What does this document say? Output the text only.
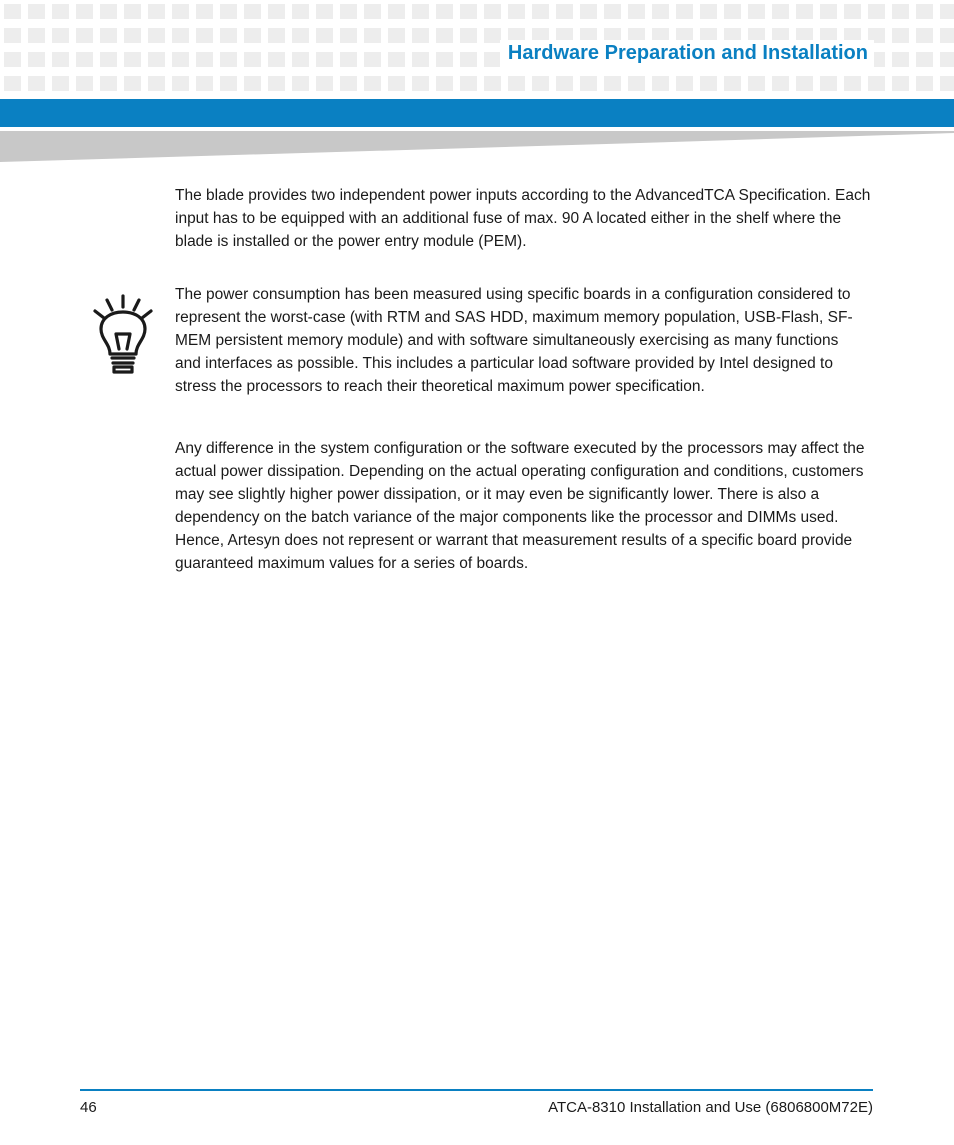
Hardware Preparation and Installation

The blade provides two independent power inputs according to the AdvancedTCA Specification. Each input has to be equipped with an additional fuse of max. 90 A located either in the shelf where the blade is installed or the power entry module (PEM).

The power consumption has been measured using specific boards in a configuration considered to represent the worst-case (with RTM and SAS HDD, maximum memory population, USB-Flash, SF-MEM persistent memory module) and with software simultaneously exercising as many functions and interfaces as possible. This includes a particular load software provided by Intel designed to stress the processors to reach their theoretical maximum power specification.

Any difference in the system configuration or the software executed by the processors may affect the actual power dissipation. Depending on the actual operating configuration and conditions, customers may see slightly higher power dissipation, or it may even be significantly lower. There is also a dependency on the batch variance of the major components like the processor and DIMMs used. Hence, Artesyn does not represent or warrant that measurement results of a specific board provide guaranteed maximum values for a series of boards.

46	ATCA-8310 Installation and Use (6806800M72E)
